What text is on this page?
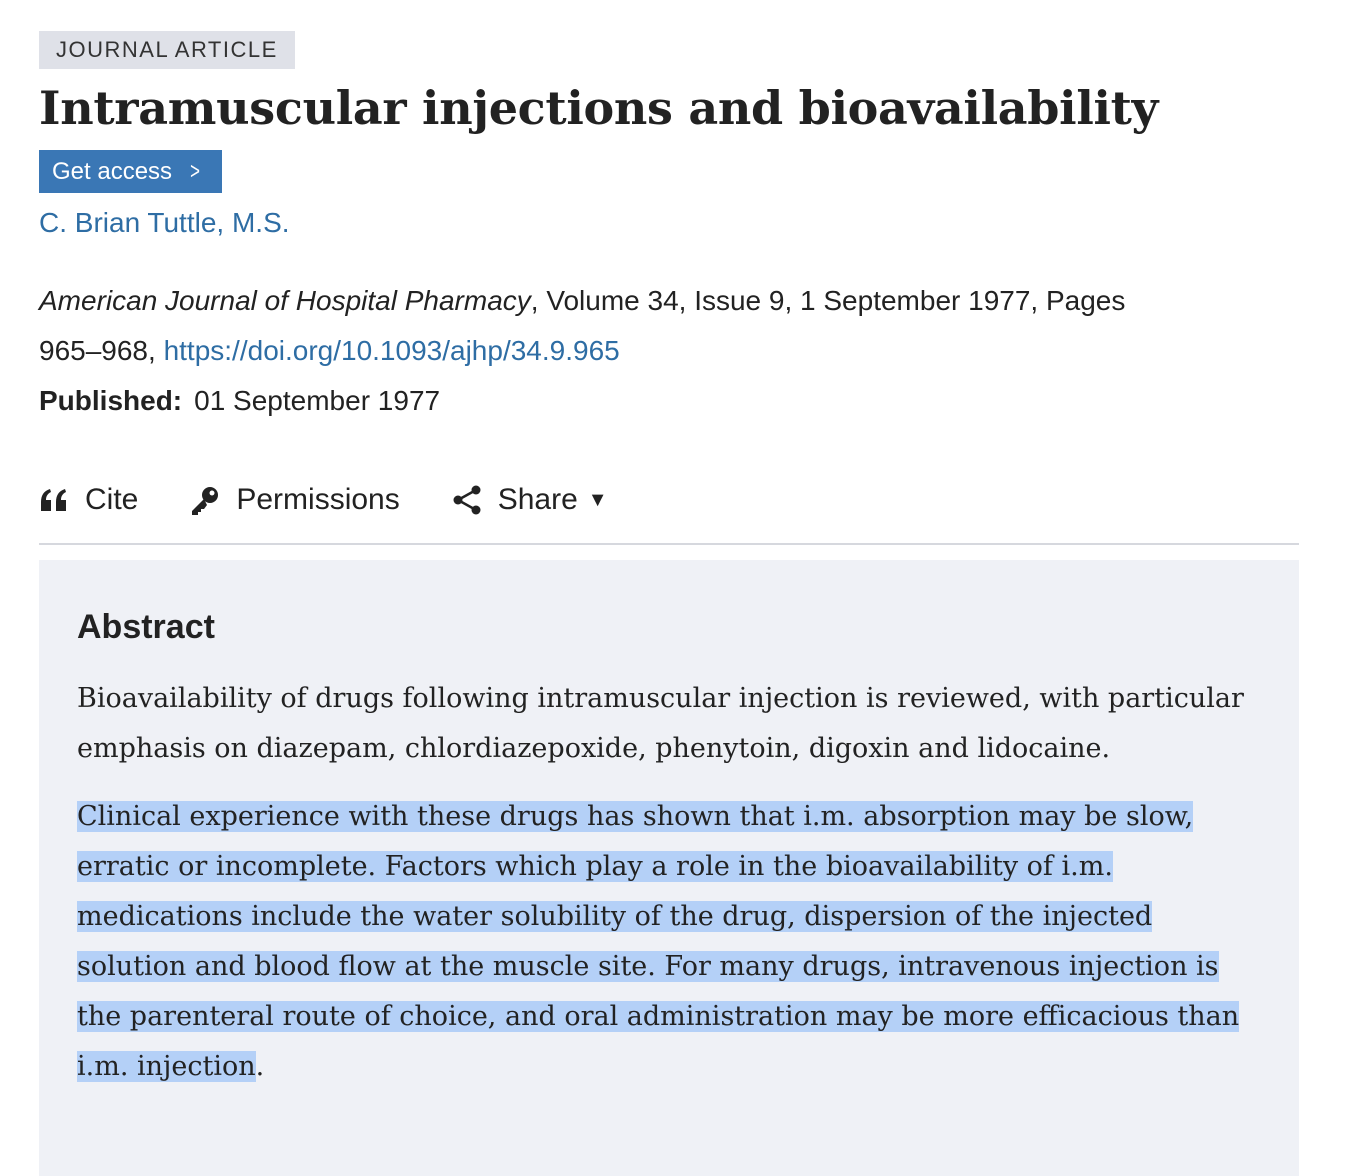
JOURNAL ARTICLE
Intramuscular injections and bioavailability
Get access >
C. Brian Tuttle, M.S.
American Journal of Hospital Pharmacy, Volume 34, Issue 9, 1 September 1977, Pages
965–968, https://doi.org/10.1093/ajhp/34.9.965
Published: 01 September 1977
Cite	Permissions	Share ▼
Abstract

Bioavailability of drugs following intramuscular injection is reviewed, with particular emphasis on diazepam, chlordiazepoxide, phenytoin, digoxin and lidocaine.

Clinical experience with these drugs has shown that i.m. absorption may be slow, erratic or incomplete. Factors which play a role in the bioavailability of i.m. medications include the water solubility of the drug, dispersion of the injected solution and blood flow at the muscle site. For many drugs, intravenous injection is the parenteral route of choice, and oral administration may be more efficacious than i.m. injection.
